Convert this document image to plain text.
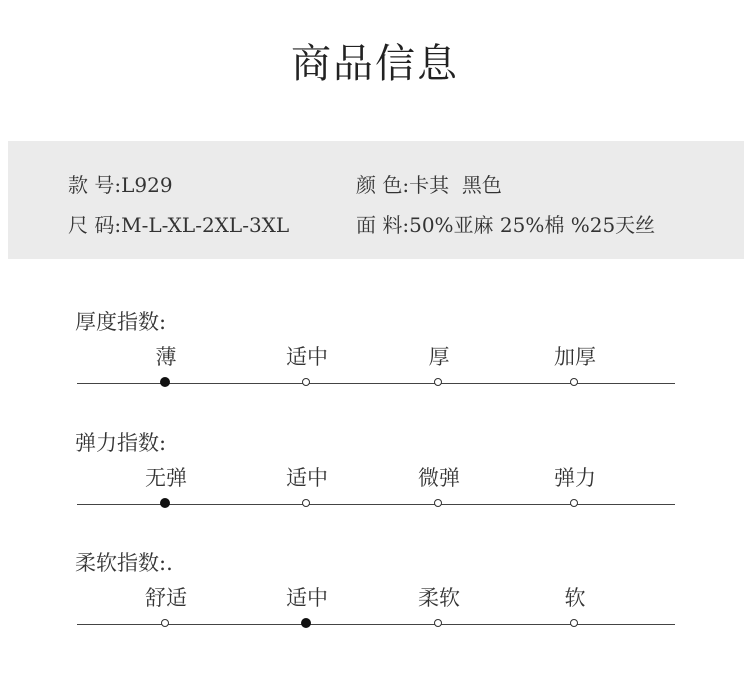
商品信息
款 号:L929
尺 码:M-L-XL-2XL-3XL
颜 色:卡其  黑色
面 料:50%亚麻 25%棉 %25天丝
厚度指数:
薄	适中	厚	加厚
弹力指数:
无弹	适中	微弹	弹力
柔软指数:.
舒适	适中	柔软	软
